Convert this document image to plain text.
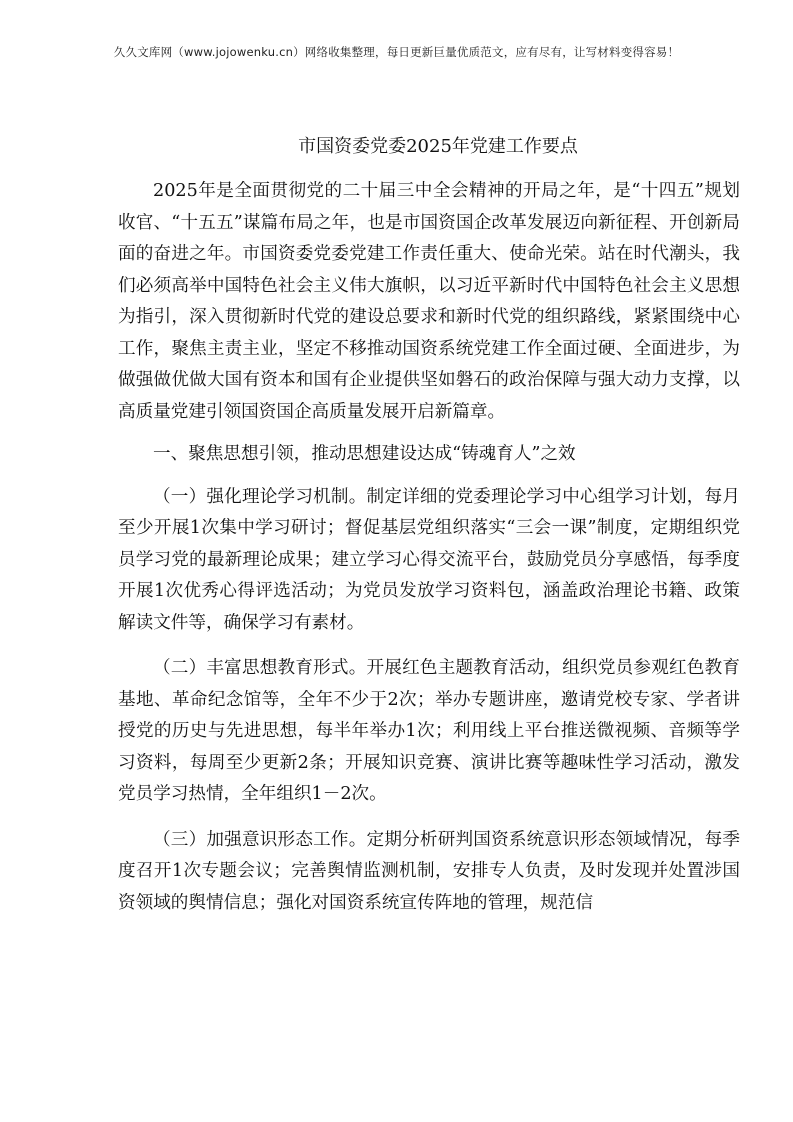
久久文库网（www.jojowenku.cn）网络收集整理，每日更新巨量优质范文，应有尽有，让写材料变得容易！
市国资委党委2025年党建工作要点

2025年是全面贯彻党的二十届三中全会精神的开局之年，是“十四五”规划收官、“十五五”谋篇布局之年，也是市国资国企改革发展迈向新征程、开创新局面的奋进之年。市国资委党委党建工作责任重大、使命光荣。站在时代潮头，我们必须高举中国特色社会主义伟大旗帜，以习近平新时代中国特色社会主义思想为指引，深入贯彻新时代党的建设总要求和新时代党的组织路线，紧紧围绕中心工作，聚焦主责主业，坚定不移推动国资系统党建工作全面过硬、全面进步，为做强做优做大国有资本和国有企业提供坚如磐石的政治保障与强大动力支撑，以高质量党建引领国资国企高质量发展开启新篇章。

一、聚焦思想引领，推动思想建设达成“铸魂育人”之效

（一）强化理论学习机制。制定详细的党委理论学习中心组学习计划，每月至少开展1次集中学习研讨；督促基层党组织落实“三会一课”制度，定期组织党员学习党的最新理论成果；建立学习心得交流平台，鼓励党员分享感悟，每季度开展1次优秀心得评选活动；为党员发放学习资料包，涵盖政治理论书籍、政策解读文件等，确保学习有素材。

（二）丰富思想教育形式。开展红色主题教育活动，组织党员参观红色教育基地、革命纪念馆等，全年不少于2次；举办专题讲座，邀请党校专家、学者讲授党的历史与先进思想，每半年举办1次；利用线上平台推送微视频、音频等学习资料，每周至少更新2条；开展知识竞赛、演讲比赛等趣味性学习活动，激发党员学习热情，全年组织1－2次。

（三）加强意识形态工作。定期分析研判国资系统意识形态领域情况，每季度召开1次专题会议；完善舆情监测机制，安排专人负责，及时发现并处置涉国资领域的舆情信息；强化对国资系统宣传阵地的管理，规范信
